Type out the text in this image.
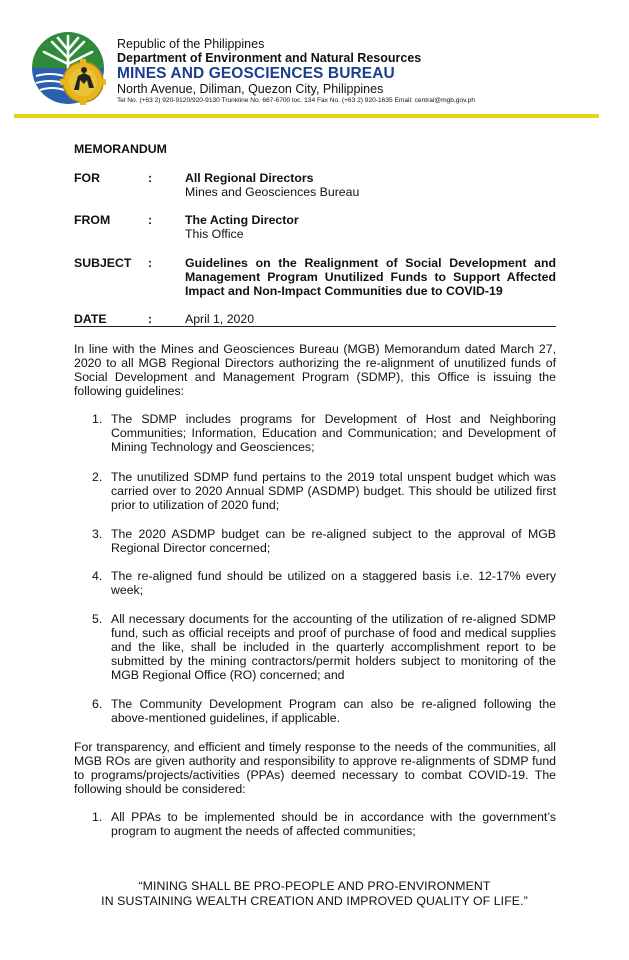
Republic of the Philippines
Department of Environment and Natural Resources
MINES AND GEOSCIENCES BUREAU
North Avenue, Diliman, Quezon City, Philippines
Tel No. (+63 2) 920-9120/920-9130 Trunkline No. 667-6700 loc. 134 Fax No. (+63 2) 920-1635 Email: central@mgb.gov.ph
MEMORANDUM
FOR	:	All Regional Directors
Mines and Geosciences Bureau
FROM	:	The Acting Director
This Office
SUBJECT :	Guidelines on the Realignment of Social Development and Management Program Unutilized Funds to Support Affected Impact and Non-Impact Communities due to COVID-19
DATE	:	April 1, 2020
In line with the Mines and Geosciences Bureau (MGB) Memorandum dated March 27, 2020 to all MGB Regional Directors authorizing the re-alignment of unutilized funds of Social Development and Management Program (SDMP), this Office is issuing the following guidelines:
1. The SDMP includes programs for Development of Host and Neighboring Communities; Information, Education and Communication; and Development of Mining Technology and Geosciences;
2. The unutilized SDMP fund pertains to the 2019 total unspent budget which was carried over to 2020 Annual SDMP (ASDMP) budget. This should be utilized first prior to utilization of 2020 fund;
3. The 2020 ASDMP budget can be re-aligned subject to the approval of MGB Regional Director concerned;
4. The re-aligned fund should be utilized on a staggered basis i.e. 12-17% every week;
5. All necessary documents for the accounting of the utilization of re-aligned SDMP fund, such as official receipts and proof of purchase of food and medical supplies and the like, shall be included in the quarterly accomplishment report to be submitted by the mining contractors/permit holders subject to monitoring of the MGB Regional Office (RO) concerned; and
6. The Community Development Program can also be re-aligned following the above-mentioned guidelines, if applicable.
For transparency, and efficient and timely response to the needs of the communities, all MGB ROs are given authority and responsibility to approve re-alignments of SDMP fund to programs/projects/activities (PPAs) deemed necessary to combat COVID-19. The following should be considered:
1. All PPAs to be implemented should be in accordance with the government’s program to augment the needs of affected communities;
“MINING SHALL BE PRO-PEOPLE AND PRO-ENVIRONMENT
IN SUSTAINING WEALTH CREATION AND IMPROVED QUALITY OF LIFE.”
